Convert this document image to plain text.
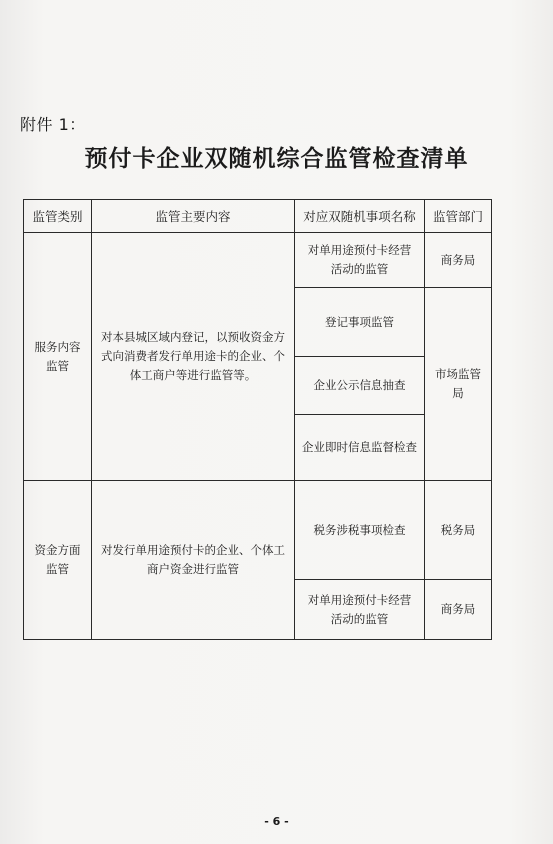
附件 1：
预付卡企业双随机综合监管检查清单
监管类别	监管主要内容	对应双随机事项名称	监管部门
服务内容监管	对本县城区域内登记，以预收资金方式向消费者发行单用途卡的企业、个体工商户等进行监管等。	对单用途预付卡经营活动的监管	商务局
		登记事项监管	市场监管局
		企业公示信息抽查	
		企业即时信息监督检查	
资金方面监管	对发行单用途预付卡的企业、个体工商户资金进行监管	税务涉税事项检查	税务局
		对单用途预付卡经营活动的监管	商务局
- 6 -
